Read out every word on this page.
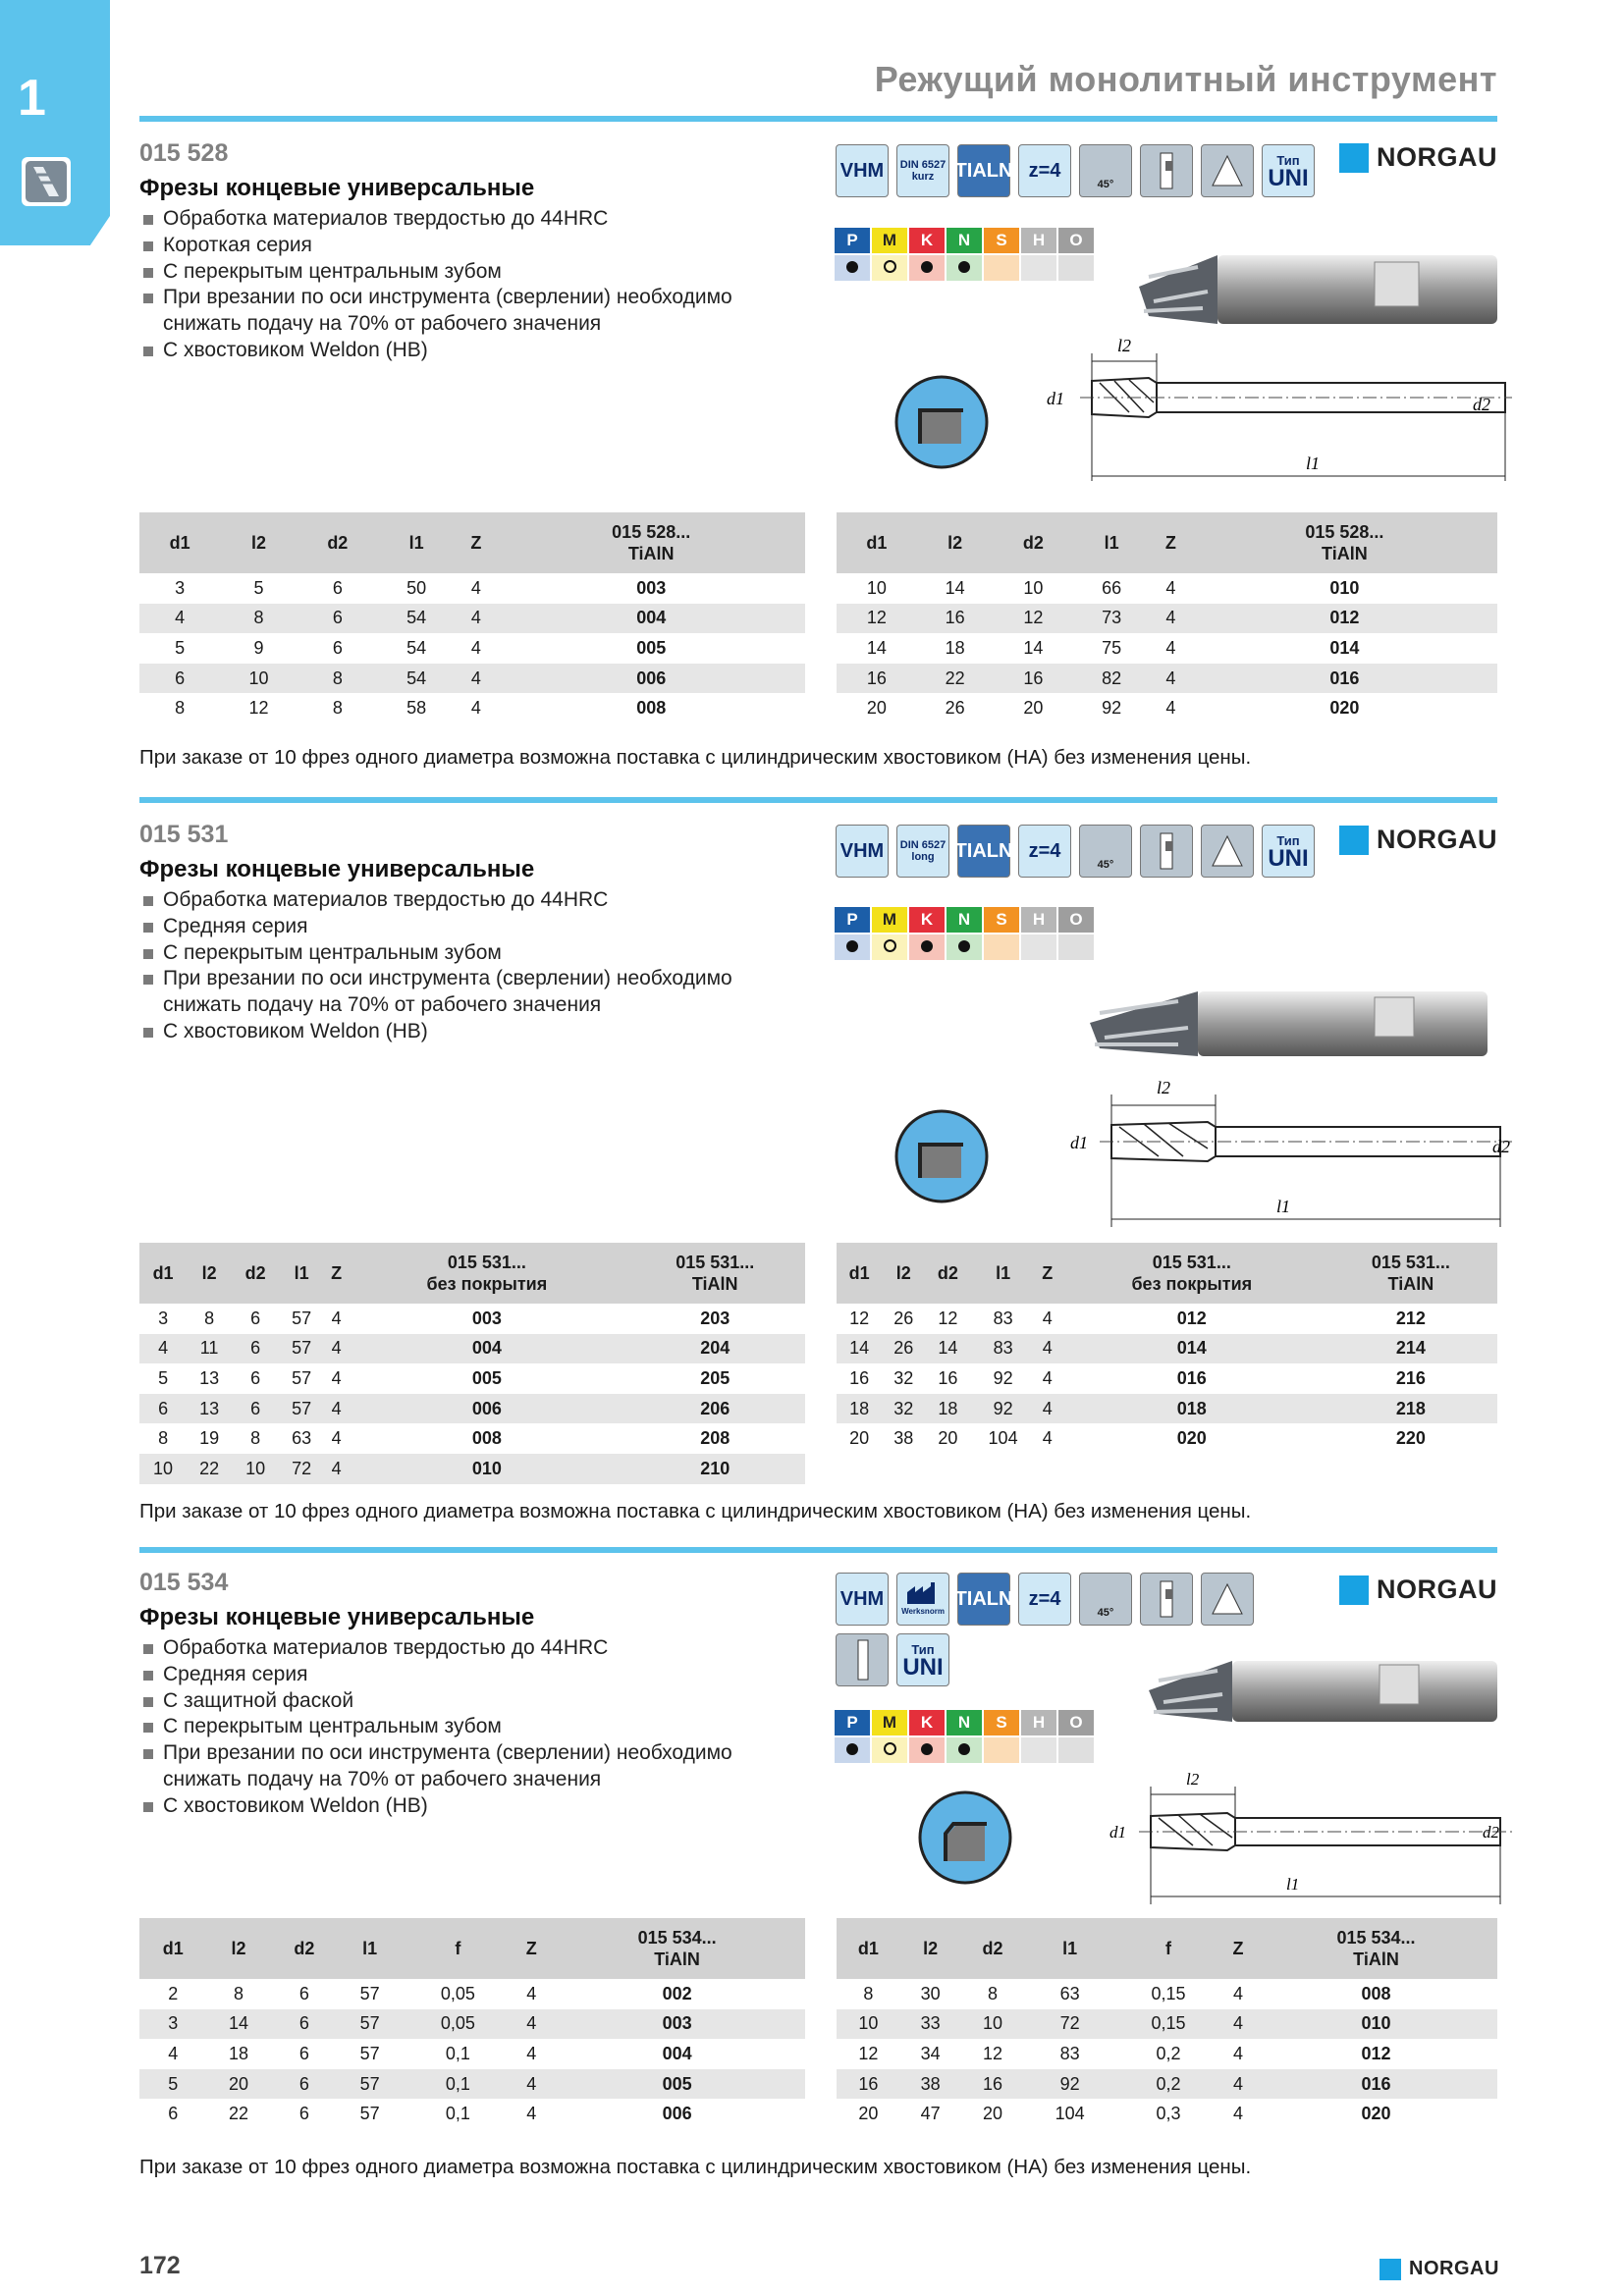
1	Режущий монолитный инструмент
015 528
Фрезы концевые универсальные
Обработка материалов твердостью до 44HRC
Короткая серия
С перекрытым центральным зубом
При врезании по оси инструмента (сверлении) необходимо снижать подачу на 70% от рабочего значения
С хвостовиком Weldon (HB)
VHM	DIN 6527 kurz	TIALN z=4
45°
Тип
UNI
NORGAU
P	M	K	N	S	H	O

l2
d1	d2
l1
d1	l2	d2	l1	Z	015 528...
TiAlN
3	5	6	50	4	003
4	8	6	54	4	004
5	9	6	54	4	005
6	10	8	54	4	006
8	12	8	58	4	008
d1	l2	d2	l1	Z	015 528...
TiAlN
10	14	10	66	4	010
12	16	12	73	4	012
14	18	14	75	4	014
16	22	16	82	4	016
20	26	20	92	4	020
При заказе от 10 фрез одного диаметра возможна поставка с цилиндрическим хвостовиком (HA) без изменения цены.
015 531
Фрезы концевые универсальные
Обработка материалов твердостью до 44HRC
Средняя серия
С перекрытым центральным зубом
При врезании по оси инструмента (сверлении) необходимо снижать подачу на 70% от рабочего значения
С хвостовиком Weldon (HB)
VHM	DIN 6527 long	TIALN z=4
45°
Тип
UNI
NORGAU
P	M	K	N	S	H	O

l2
d1	d2
l1
d1	l2	d2	l1	Z	015 531...
без покрытия	015 531...
TiAlN
3	8	6	57	4	003	203
4	11	6	57	4	004	204
5	13	6	57	4	005	205
6	13	6	57	4	006	206
8	19	8	63	4	008	208
10	22	10	72	4	010	210
d1	l2	d2	l1	Z	015 531...
без покрытия	015 531...
TiAlN
12	26	12	83	4	012	212
14	26	14	83	4	014	214
16	32	16	92	4	016	216
18	32	18	92	4	018	218
20	38	20	104	4	020	220
При заказе от 10 фрез одного диаметра возможна поставка с цилиндрическим хвостовиком (HA) без изменения цены.
015 534
Фрезы концевые универсальные
Обработка материалов твердостью до 44HRC
Средняя серия
С защитной фаской
С перекрытым центральным зубом
При врезании по оси инструмента (сверлении) необходимо снижать подачу на 70% от рабочего значения
С хвостовиком Weldon (HB)
VHM
Werksnorm
TIALN z=4
45°
Тип
UNI
NORGAU
P	M	K	N	S	H	O

l2
d1	d2
l1
d1	l2	d2	l1	f	Z	015 534...
TiAlN
2	8	6	57	0,05	4	002
3	14	6	57	0,05	4	003
4	18	6	57	0,1	4	004
5	20	6	57	0,1	4	005
6	22	6	57	0,1	4	006
d1	l2	d2	l1	f	Z	015 534...
TiAlN
8	30	8	63	0,15	4	008
10	33	10	72	0,15	4	010
12	34	12	83	0,2	4	012
16	38	16	92	0,2	4	016
20	47	20	104	0,3	4	020
При заказе от 10 фрез одного диаметра возможна поставка с цилиндрическим хвостовиком (HA) без изменения цены.
172	NORGAU
